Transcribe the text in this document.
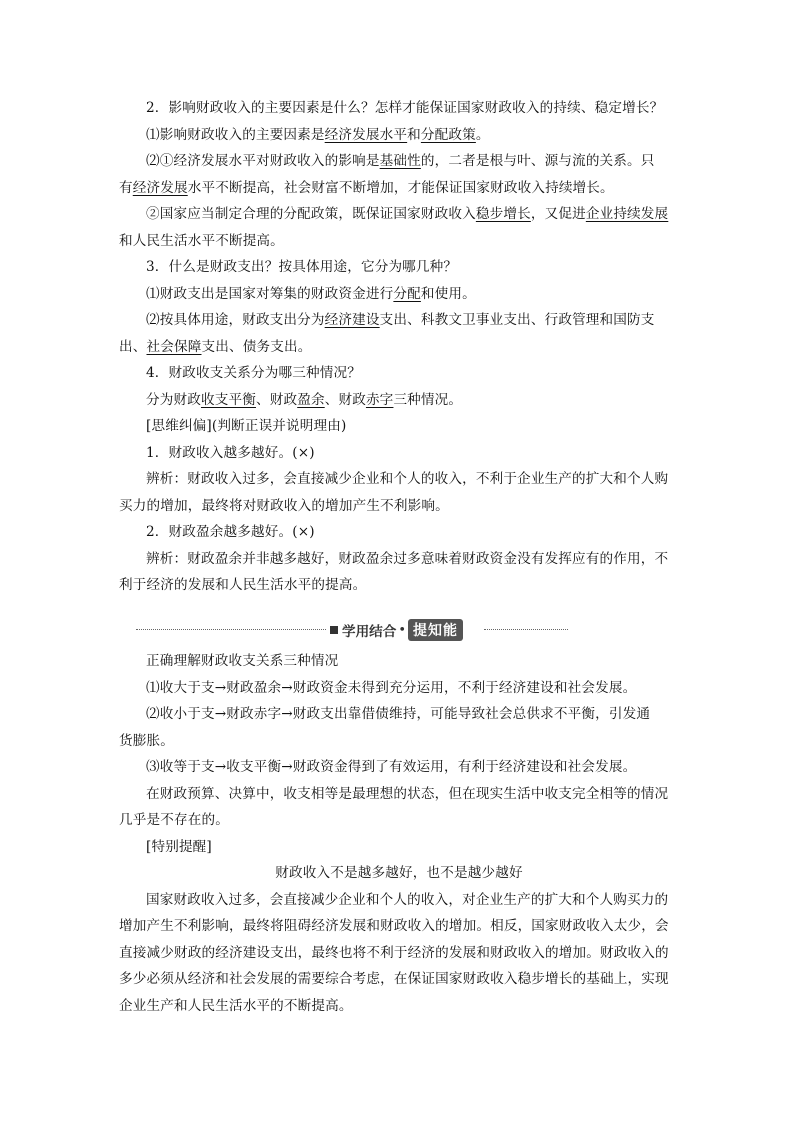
2．影响财政收入的主要因素是什么？怎样才能保证国家财政收入的持续、稳定增长？
⑴影响财政收入的主要因素是经济发展水平和分配政策。
⑵①经济发展水平对财政收入的影响是基础性的，二者是根与叶、源与流的关系。只
有经济发展水平不断提高，社会财富不断增加，才能保证国家财政收入持续增长。
②国家应当制定合理的分配政策，既保证国家财政收入稳步增长，又促进企业持续发展
和人民生活水平不断提高。
3．什么是财政支出？按具体用途，它分为哪几种？
⑴财政支出是国家对筹集的财政资金进行分配和使用。
⑵按具体用途，财政支出分为经济建设支出、科教文卫事业支出、行政管理和国防支
出、社会保障支出、债务支出。
4．财政收支关系分为哪三种情况？
分为财政收支平衡、财政盈余、财政赤字三种情况。
[思维纠偏](判断正误并说明理由)
1．财政收入越多越好。(×)
辨析：财政收入过多，会直接减少企业和个人的收入，不利于企业生产的扩大和个人购
买力的增加，最终将对财政收入的增加产生不利影响。
2．财政盈余越多越好。(×)
辨析：财政盈余并非越多越好，财政盈余过多意味着财政资金没有发挥应有的作用，不
利于经济的发展和人民生活水平的提高。
学用结合 • 提知能
正确理解财政收支关系三种情况
⑴收大于支→财政盈余→财政资金未得到充分运用，不利于经济建设和社会发展。
⑵收小于支→财政赤字→财政支出靠借债维持，可能导致社会总供求不平衡，引发通
货膨胀。
⑶收等于支→收支平衡→财政资金得到了有效运用，有利于经济建设和社会发展。
在财政预算、决算中，收支相等是最理想的状态，但在现实生活中收支完全相等的情况
几乎是不存在的。
[特别提醒]
财政收入不是越多越好，也不是越少越好
国家财政收入过多，会直接减少企业和个人的收入，对企业生产的扩大和个人购买力的
增加产生不利影响，最终将阻碍经济发展和财政收入的增加。相反，国家财政收入太少，会
直接减少财政的经济建设支出，最终也将不利于经济的发展和财政收入的增加。财政收入的
多少必须从经济和社会发展的需要综合考虑，在保证国家财政收入稳步增长的基础上，实现
企业生产和人民生活水平的不断提高。
